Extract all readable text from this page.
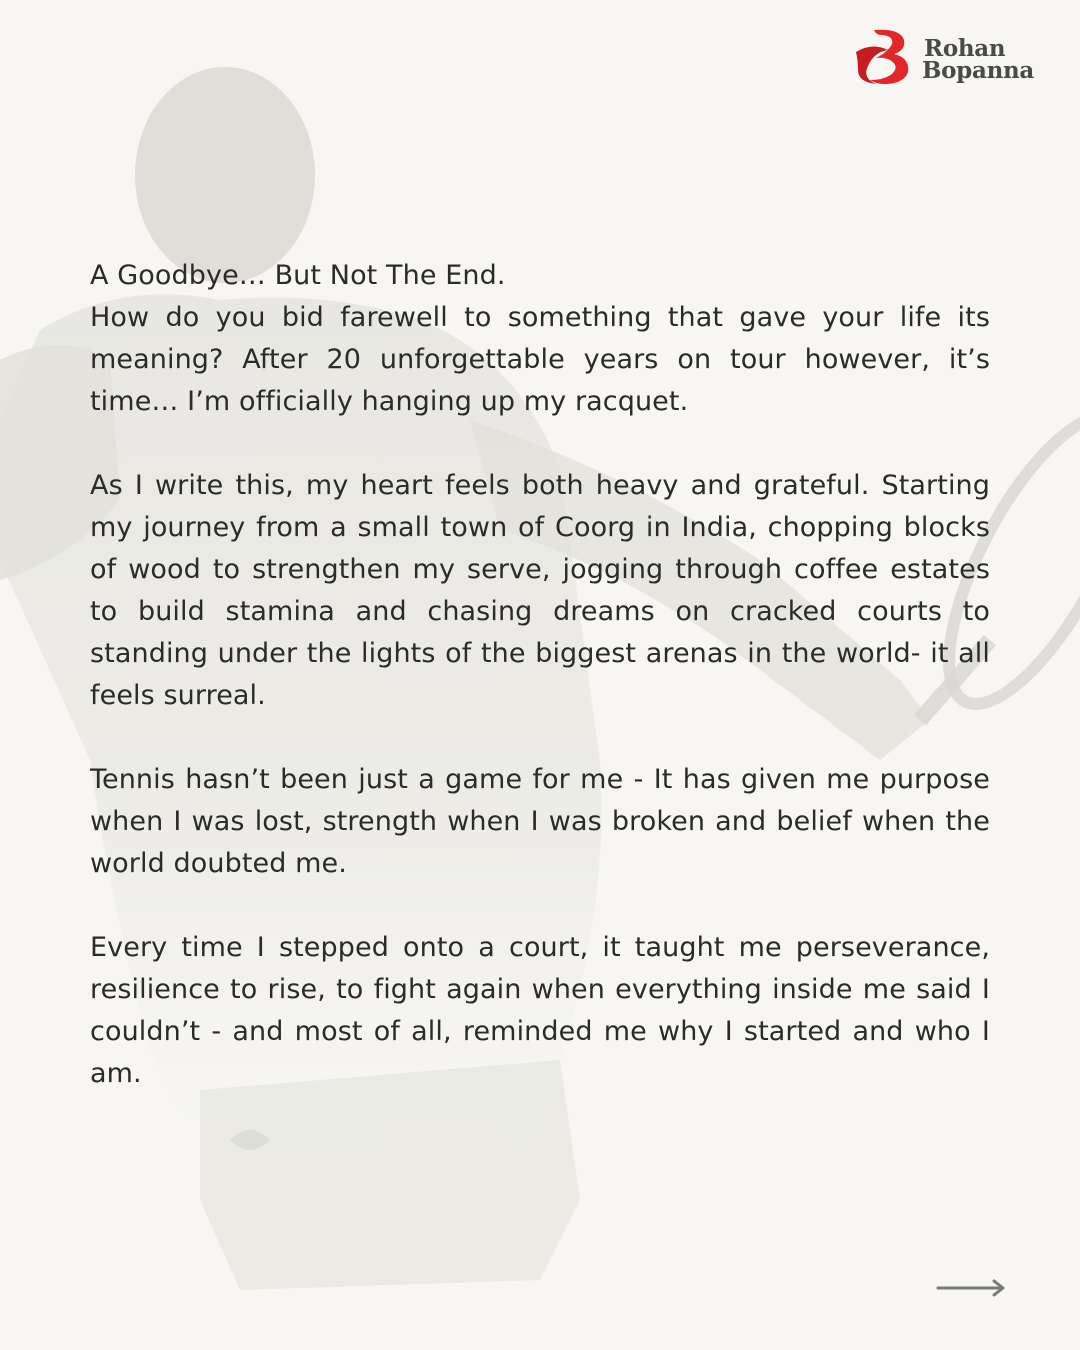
Rohan
Bopanna

A Goodbye… But Not The End.

How do you bid farewell to something that gave your life its meaning? After 20 unforgettable years on tour however, it’s time… I’m officially hanging up my racquet.

As I write this, my heart feels both heavy and grateful. Starting my journey from a small town of Coorg in India, chopping blocks of wood to strengthen my serve, jogging through coffee estates to build stamina and chasing dreams on cracked courts to standing under the lights of the biggest arenas in the world- it all feels surreal.

Tennis hasn’t been just a game for me - It has given me purpose when I was lost, strength when I was broken and belief when the world doubted me.

Every time I stepped onto a court, it taught me perseverance, resilience to rise, to fight again when everything inside me said I couldn’t - and most of all, reminded me why I started and who I am.
